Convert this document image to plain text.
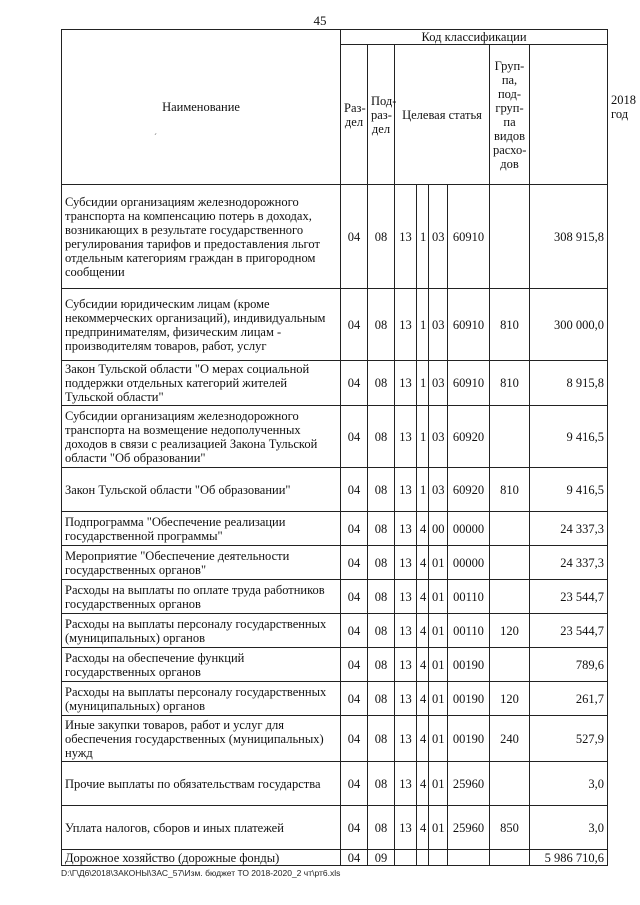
45
ˊ
Наименование	Код классификации								2018 год
	Раз-дел	Под-раз-дел	Целевая статья				Груп-па, под-груп-па видов расхо-дов		
Субсидии организациям железнодорожного транспорта на компенсацию потерь в доходах, возникающих в результате государственного регулирования тарифов и предоставления льгот отдельным категориям граждан в пригородном сообщении	04	08	13	1	03	60910		308 915,8	
Субсидии юридическим лицам (кроме некоммерческих организаций), индивидуальным предпринимателям, физическим лицам - производителям товаров, работ, услуг	04	08	13	1	03	60910	810	300 000,0	
Закон Тульской области "О мерах социальной поддержки отдельных категорий жителей Тульской области"	04	08	13	1	03	60910	810	8 915,8	
Субсидии организациям железнодорожного транспорта на возмещение недополученных доходов в связи с реализацией Закона Тульской области "Об образовании"	04	08	13	1	03	60920		9 416,5	
Закон Тульской области "Об образовании"	04	08	13	1	03	60920	810	9 416,5	
Подпрограмма "Обеспечение реализации государственной программы"	04	08	13	4	00	00000		24 337,3	
Мероприятие "Обеспечение деятельности государственных органов"	04	08	13	4	01	00000		24 337,3	
Расходы на выплаты по оплате труда работников государственных органов	04	08	13	4	01	00110		23 544,7	
Расходы на выплаты персоналу государственных (муниципальных) органов	04	08	13	4	01	00110	120	23 544,7	
Расходы на обеспечение функций государственных органов	04	08	13	4	01	00190		789,6	
Расходы на выплаты персоналу государственных (муниципальных) органов	04	08	13	4	01	00190	120	261,7	
Иные закупки товаров, работ и услуг для обеспечения государственных (муниципальных) нужд	04	08	13	4	01	00190	240	527,9	
Прочие выплаты по обязательствам государства	04	08	13	4	01	25960		3,0	
Уплата налогов, сборов и иных платежей	04	08	13	4	01	25960	850	3,0	
Дорожное хозяйство (дорожные фонды)	04	09						5 986 710,6	
D:\Г\Д6\2018\ЗАКОНЫ\ЗАС_57\Изм. бюджет ТО 2018-2020_2 чт\рт6.xls
